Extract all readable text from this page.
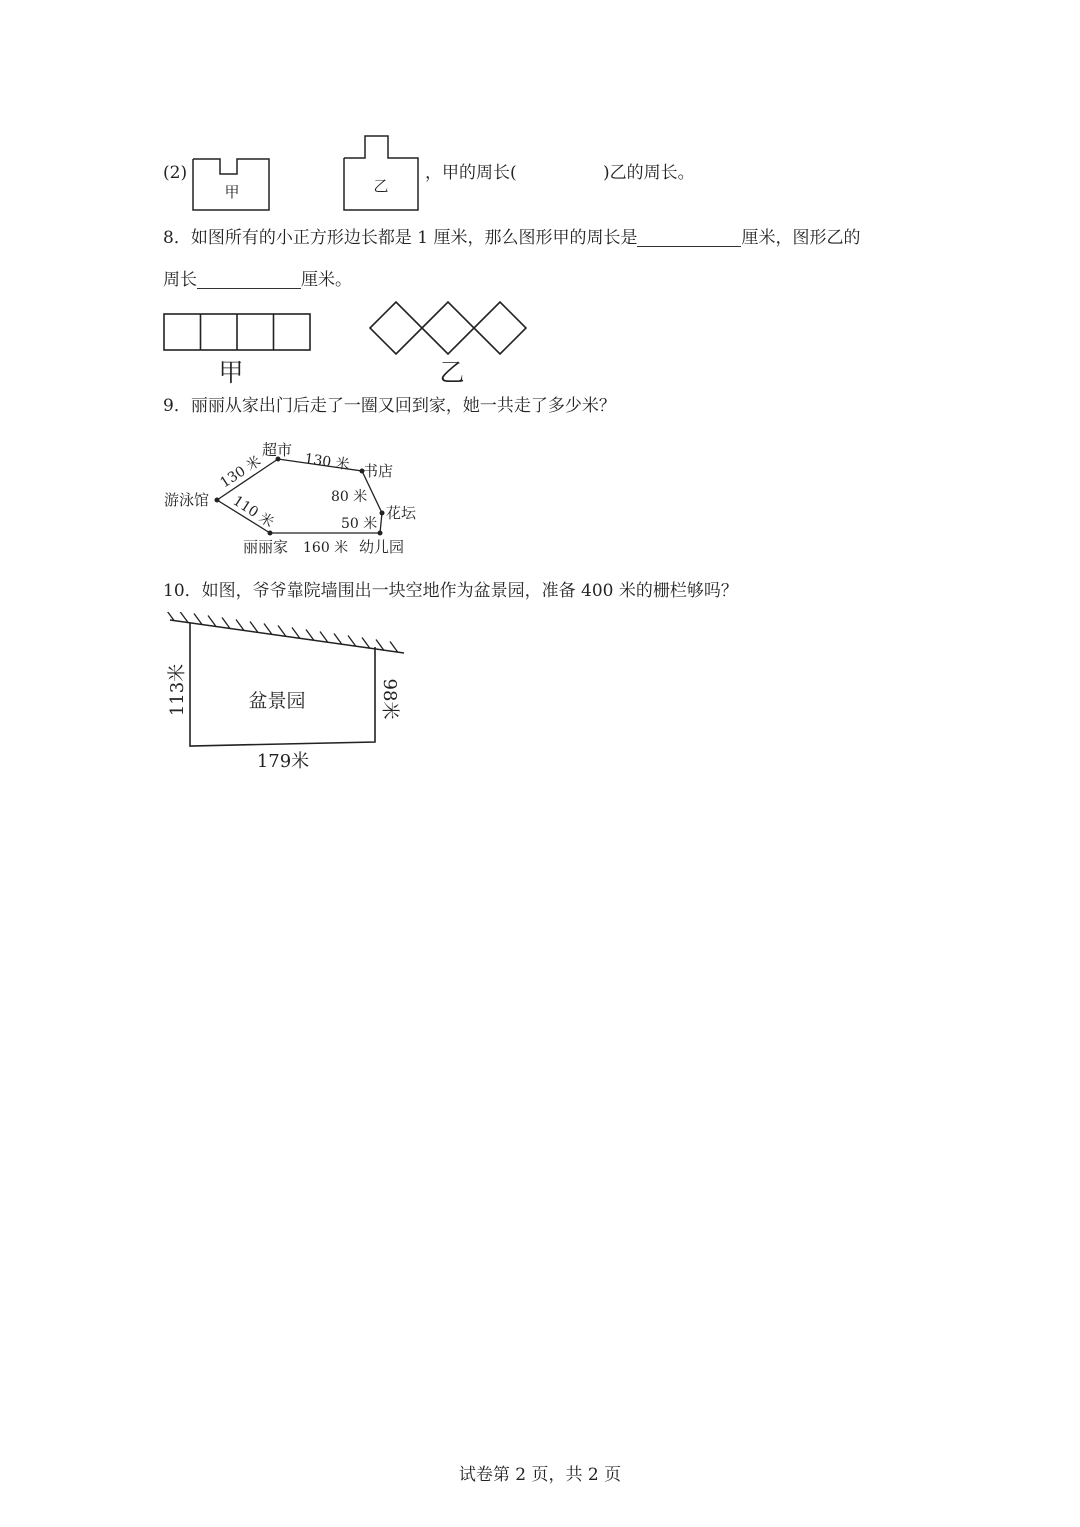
(2)
甲	乙
，甲的周长(	)乙的周长。
8．如图所有的小正方形边长都是 1 厘米，那么图形甲的周长是	厘米，图形乙的
周长	厘米。
甲	乙
9．丽丽从家出门后走了一圈又回到家，她一共走了多少米？
超市
书店
游泳馆
花坛
丽丽家	幼儿园
130 米	130 米
80 米
50 米
160 米
110 米
10．如图，爷爷靠院墙围出一块空地作为盆景园，准备 400 米的栅栏够吗？
盆景园
113米	98米
179米
试卷第 2 页，共 2 页
